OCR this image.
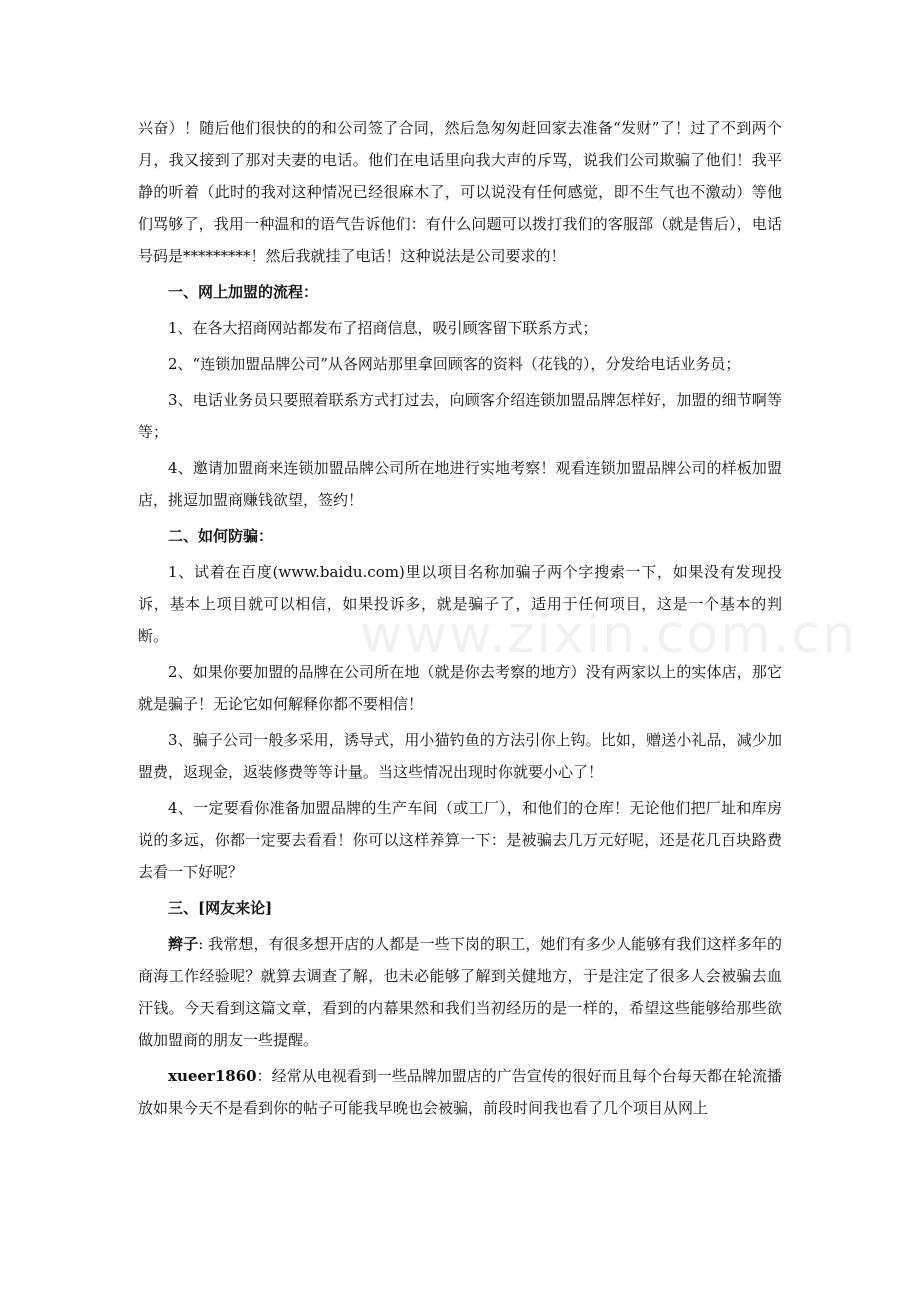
www.zixin.com.cn

兴奋）！随后他们很快的的和公司签了合同，然后急匆匆赶回家去准备“发财”了！过了不到两个月，我又接到了那对夫妻的电话。他们在电话里向我大声的斥骂，说我们公司欺骗了他们！我平静的听着（此时的我对这种情况已经很麻木了，可以说没有任何感觉，即不生气也不激动）等他们骂够了，我用一种温和的语气告诉他们：有什么问题可以拨打我们的客服部（就是售后），电话号码是*********！然后我就挂了电话！这种说法是公司要求的！

一、网上加盟的流程：

1、在各大招商网站都发布了招商信息，吸引顾客留下联系方式；

2、“连锁加盟品牌公司”从各网站那里拿回顾客的资料（花钱的），分发给电话业务员；

3、电话业务员只要照着联系方式打过去，向顾客介绍连锁加盟品牌怎样好，加盟的细节啊等等；

4、邀请加盟商来连锁加盟品牌公司所在地进行实地考察！观看连锁加盟品牌公司的样板加盟店，挑逗加盟商赚钱欲望，签约！

二、如何防骗：

1、试着在百度(www.baidu.com)里以项目名称加骗子两个字搜索一下，如果没有发现投诉，基本上项目就可以相信，如果投诉多，就是骗子了，适用于任何项目，这是一个基本的判断。

2、如果你要加盟的品牌在公司所在地（就是你去考察的地方）没有两家以上的实体店，那它就是骗子！无论它如何解释你都不要相信！

3、骗子公司一般多采用，诱导式，用小猫钓鱼的方法引你上钩。比如，赠送小礼品，减少加盟费，返现金，返装修费等等计量。当这些情况出现时你就要小心了！

4、一定要看你准备加盟品牌的生产车间（或工厂），和他们的仓库！无论他们把厂址和库房说的多远，你都一定要去看看！你可以这样养算一下：是被骗去几万元好呢，还是花几百块路费去看一下好呢？

三、[网友来论]

辫子: 我常想，有很多想开店的人都是一些下岗的职工，她们有多少人能够有我们这样多年的商海工作经验呢？就算去调查了解，也未必能够了解到关健地方，于是注定了很多人会被骗去血汗钱。今天看到这篇文章，看到的内幕果然和我们当初经历的是一样的，希望这些能够给那些欲做加盟商的朋友一些提醒。

xueer1860：经常从电视看到一些品牌加盟店的广告宣传的很好而且每个台每天都在轮流播放如果今天不是看到你的帖子可能我早晚也会被骗，前段时间我也看了几个项目从网上
